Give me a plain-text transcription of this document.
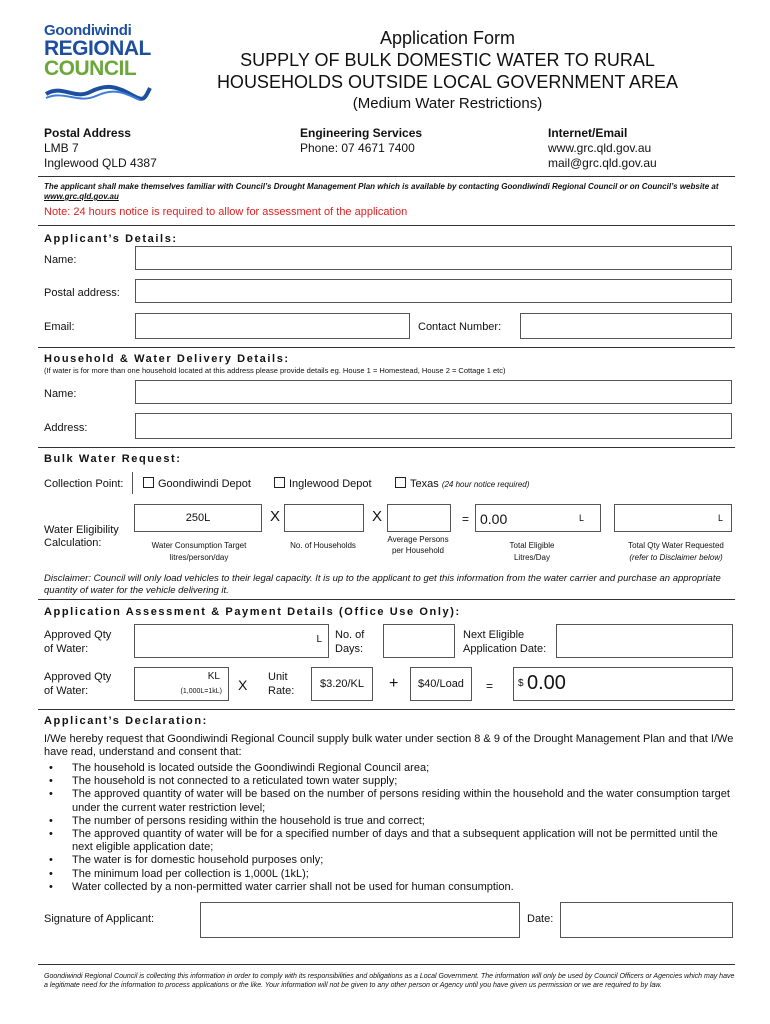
Goondiwindi
REGIONAL
COUNCIL
Application Form
SUPPLY OF BULK DOMESTIC WATER TO RURAL
HOUSEHOLDS OUTSIDE LOCAL GOVERNMENT AREA
(Medium Water Restrictions)
Postal Address
LMB 7
Inglewood QLD 4387
Engineering Services
Phone: 07 4671 7400
Internet/Email
www.grc.qld.gov.au
mail@grc.qld.gov.au
The applicant shall make themselves familiar with Council’s Drought Management Plan which is available by contacting Goondiwindi Regional Council or on Council’s website at www.grc.qld.gov.au
Note: 24 hours notice is required to allow for assessment of the application
Applicant’s Details:
Name:
Postal address:
Email:	Contact Number:
Household & Water Delivery Details:
(If water is for more than one household located at this address please provide details eg. House 1 = Homestead, House 2 = Cottage 1 etc)
Name:
Address:
Bulk Water Request:
Collection Point:	Goondiwindi Depot	Inglewood Depot	Texas (24 hour notice required)
Water Eligibility
Calculation:
250L	X	X	= 0.00	L	L
Water Consumption Target litres/person/day
No. of Households
Average Persons per Household
Total Eligible Litres/Day
Total Qty Water Requested
(refer to Disclaimer below)
Disclaimer: Council will only load vehicles to their legal capacity. It is up to the applicant to get this information from the water carrier and purchase an appropriate quantity of water for the vehicle delivering it.
Application Assessment & Payment Details (Office Use Only):
Approved Qty
of Water:
L No. of
Days:
Next Eligible
Application Date:
Approved Qty
of Water:
KL
(1,000L=1kL) X Unit
Rate:
$3.20/KL	+	$40/Load	= $ 0.00
Applicant’s Declaration:
I/We hereby request that Goondiwindi Regional Council supply bulk water under section 8 & 9 of the Drought Management Plan and that I/We have read, understand and consent that:
• The household is located outside the Goondiwindi Regional Council area;
• The household is not connected to a reticulated town water supply;
• The approved quantity of water will be based on the number of persons residing within the household and the water consumption target under the current water restriction level;
• The number of persons residing within the household is true and correct;
• The approved quantity of water will be for a specified number of days and that a subsequent application will not be permitted until the next eligible application date;
• The water is for domestic household purposes only;
• The minimum load per collection is 1,000L (1kL);
• Water collected by a non-permitted water carrier shall not be used for human consumption.
Signature of Applicant:	Date:
Goondiwindi Regional Council is collecting this information in order to comply with its responsibilities and obligations as a Local Government. The information will only be used by Council Officers or Agencies which may have a legitimate need for the information to process applications or the like. Your information will not be given to any other person or Agency until you have given us permission or we are required to by law.
